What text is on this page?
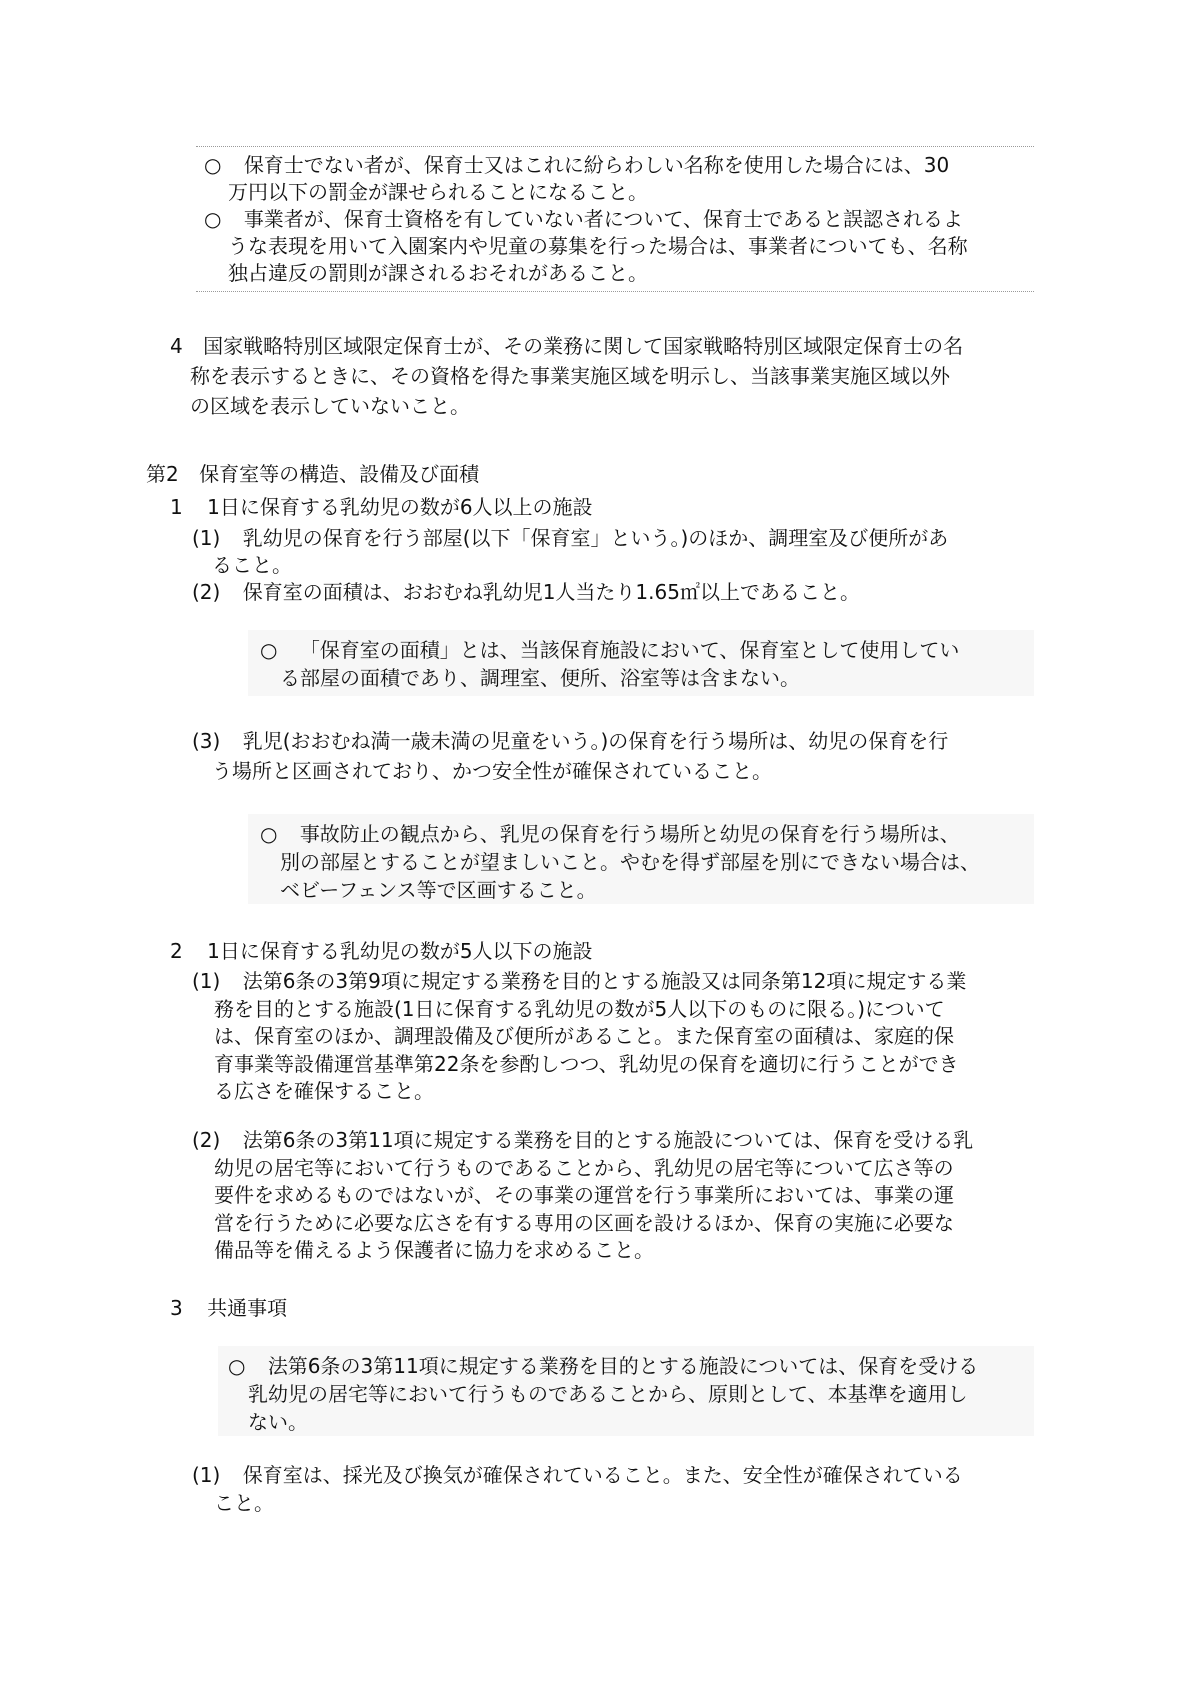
○ 保育士でない者が、保育士又はこれに紛らわしい名称を使用した場合には、30
万円以下の罰金が課せられることになること。
○ 事業者が、保育士資格を有していない者について、保育士であると誤認されるよ
うな表現を用いて入園案内や児童の募集を行った場合は、事業者についても、名称
独占違反の罰則が課されるおそれがあること。
4 国家戦略特別区域限定保育士が、その業務に関して国家戦略特別区域限定保育士の名
称を表示するときに、その資格を得た事業実施区域を明示し、当該事業実施区域以外
の区域を表示していないこと。
第2 保育室等の構造、設備及び面積
1 1日に保育する乳幼児の数が6人以上の施設
(1) 乳幼児の保育を行う部屋(以下「保育室」という。)のほか、調理室及び便所があ
ること。
(2) 保育室の面積は、おおむね乳幼児1人当たり1.65㎡以上であること。
○ 「保育室の面積」とは、当該保育施設において、保育室として使用してい
る部屋の面積であり、調理室、便所、浴室等は含まない。
(3) 乳児(おおむね満一歳未満の児童をいう。)の保育を行う場所は、幼児の保育を行
う場所と区画されており、かつ安全性が確保されていること。
○ 事故防止の観点から、乳児の保育を行う場所と幼児の保育を行う場所は、
別の部屋とすることが望ましいこと。やむを得ず部屋を別にできない場合は、
ベビーフェンス等で区画すること。
2 1日に保育する乳幼児の数が5人以下の施設
(1) 法第6条の3第9項に規定する業務を目的とする施設又は同条第12項に規定する業
務を目的とする施設(1日に保育する乳幼児の数が5人以下のものに限る。)について
は、保育室のほか、調理設備及び便所があること。また保育室の面積は、家庭的保
育事業等設備運営基準第22条を参酌しつつ、乳幼児の保育を適切に行うことができ
る広さを確保すること。
(2) 法第6条の3第11項に規定する業務を目的とする施設については、保育を受ける乳
幼児の居宅等において行うものであることから、乳幼児の居宅等について広さ等の
要件を求めるものではないが、その事業の運営を行う事業所においては、事業の運
営を行うために必要な広さを有する専用の区画を設けるほか、保育の実施に必要な
備品等を備えるよう保護者に協力を求めること。
3 共通事項
○ 法第6条の3第11項に規定する業務を目的とする施設については、保育を受ける
乳幼児の居宅等において行うものであることから、原則として、本基準を適用し
ない。
(1) 保育室は、採光及び換気が確保されていること。また、安全性が確保されている
こと。
